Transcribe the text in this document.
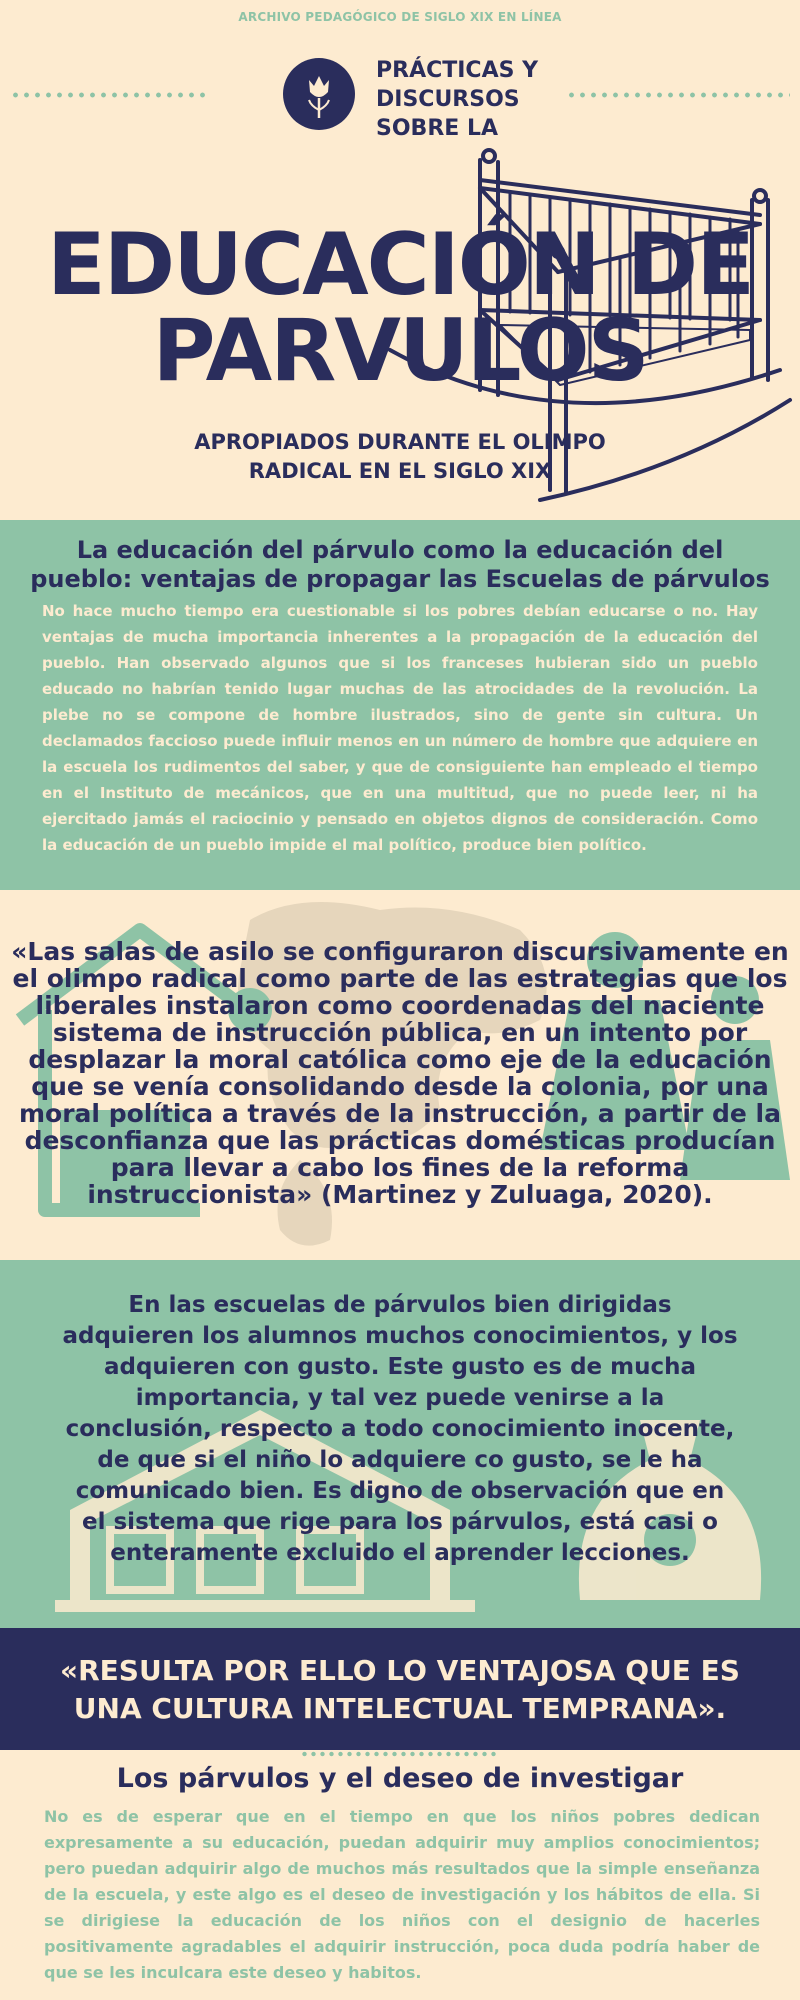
ARCHIVO PEDAGÓGICO DE SIGLO XIX EN LÍNEA
PRÁCTICAS Y
DISCURSOS
SOBRE LA
EDUCACIÓN DE
PARVULOS
APROPIADOS DURANTE EL OLIMPO
RADICAL EN EL SIGLO XIX
La educación del párvulo como la educación del
pueblo: ventajas de propagar las Escuelas de párvulos
No hace mucho tiempo era cuestionable si los pobres debían educarse o no. Hay ventajas de mucha importancia inherentes a la propagación de la educación del pueblo. Han observado algunos que si los franceses hubieran sido un pueblo educado no habrían tenido lugar muchas de las atrocidades de la revolución. La plebe no se compone de hombre ilustrados, sino de gente sin cultura. Un declamados faccioso puede influir menos en un número de hombre que adquiere en la escuela los rudimentos del saber, y que de consiguiente han empleado el tiempo en el Instituto de mecánicos, que en una multitud, que no puede leer, ni ha ejercitado jamás el raciocinio y pensado en objetos dignos de consideración. Como la educación de un pueblo impide el mal político, produce bien político.
«Las salas de asilo se configuraron discursivamente en el olimpo radical como parte de las estrategias que los liberales instalaron como coordenadas del naciente sistema de instrucción pública, en un intento por desplazar la moral católica como eje de la educación que se venía consolidando desde la colonia, por una moral política a través de la instrucción, a partir de la desconfianza que las prácticas domésticas producían para llevar a cabo los fines de la reforma instruccionista» (Martinez y Zuluaga, 2020).
En las escuelas de párvulos bien dirigidas adquieren los alumnos muchos conocimientos, y los adquieren con gusto. Este gusto es de mucha importancia, y tal vez puede venirse a la conclusión, respecto a todo conocimiento inocente, de que si el niño lo adquiere co gusto, se le ha comunicado bien. Es digno de observación que en el sistema que rige para los párvulos, está casi o enteramente excluido el aprender lecciones.
«RESULTA POR ELLO LO VENTAJOSA QUE ES
UNA CULTURA INTELECTUAL TEMPRANA».
Los párvulos y el deseo de investigar
No es de esperar que en el tiempo en que los niños pobres dedican expresamente a su educación, puedan adquirir muy amplios conocimientos; pero puedan adquirir algo de muchos más resultados que la simple enseñanza de la escuela, y este algo es el deseo de investigación y los hábitos de ella. Si se dirigiese la educación de los niños con el designio de hacerles positivamente agradables el adquirir instrucción, poca duda podría haber de que se les inculcara este deseo y habitos.
